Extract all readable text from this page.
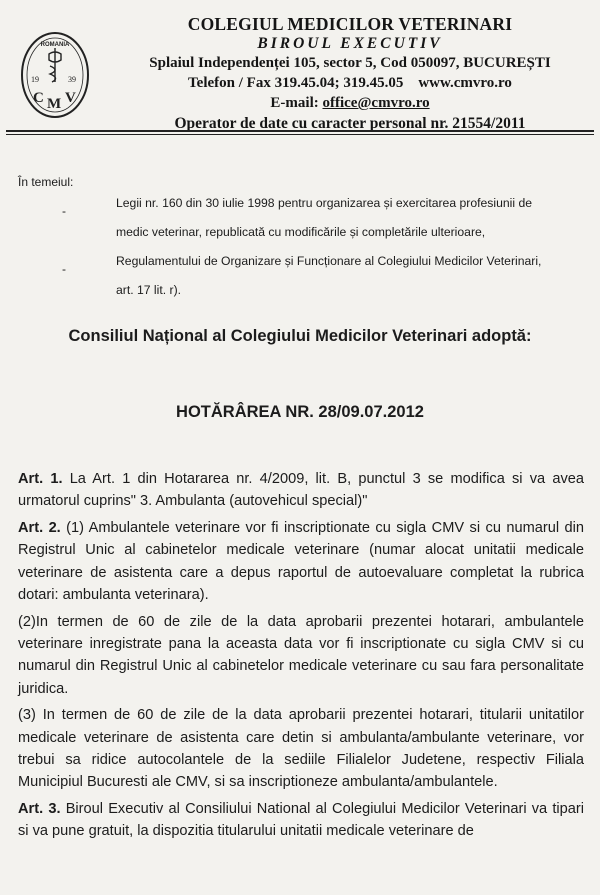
ROMANIA
19	39
C M V
COLEGIUL MEDICILOR VETERINARI
BIROUL EXECUTIV
Splaiul Independenței 105, sector 5, Cod 050097, BUCUREȘTI
Telefon / Fax 319.45.04; 319.45.05 www.cmvro.ro
E-mail: office@cmvro.ro
Operator de date cu caracter personal nr. 21554/2011
În temeiul:
-
Legii nr. 160 din 30 iulie 1998 pentru organizarea și exercitarea profesiunii de
medic veterinar, republicată cu modificările și completările ulterioare,
-
Regulamentului de Organizare și Funcționare al Colegiului Medicilor Veterinari,
art. 17 lit. r).
Consiliul Național al Colegiului Medicilor Veterinari adoptă:
HOTĂRÂREA NR. 28/09.07.2012

Art. 1. La Art. 1 din Hotararea nr. 4/2009, lit. B, punctul 3 se modifica si va avea urmatorul cuprins" 3. Ambulanta (autovehicul special)"

Art. 2. (1) Ambulantele veterinare vor fi inscriptionate cu sigla CMV si cu numarul din Registrul Unic al cabinetelor medicale veterinare (numar alocat unitatii medicale veterinare de asistenta care a depus raportul de autoevaluare completat la rubrica dotari: ambulanta veterinara).

(2)In termen de 60 de zile de la data aprobarii prezentei hotarari, ambulantele veterinare inregistrate pana la aceasta data vor fi inscriptionate cu sigla CMV si cu numarul din Registrul Unic al cabinetelor medicale veterinare cu sau fara personalitate juridica.

(3) In termen de 60 de zile de la data aprobarii prezentei hotarari, titularii unitatilor medicale veterinare de asistenta care detin si ambulanta/ambulante veterinare, vor trebui sa ridice autocolantele de la sediile Filialelor Judetene, respectiv Filiala Municipiul Bucuresti ale CMV, si sa inscriptioneze ambulanta/ambulantele.

Art. 3. Biroul Executiv al Consiliului National al Colegiului Medicilor Veterinari va tipari si va pune gratuit, la dispozitia titularului unitatii medicale veterinare de
